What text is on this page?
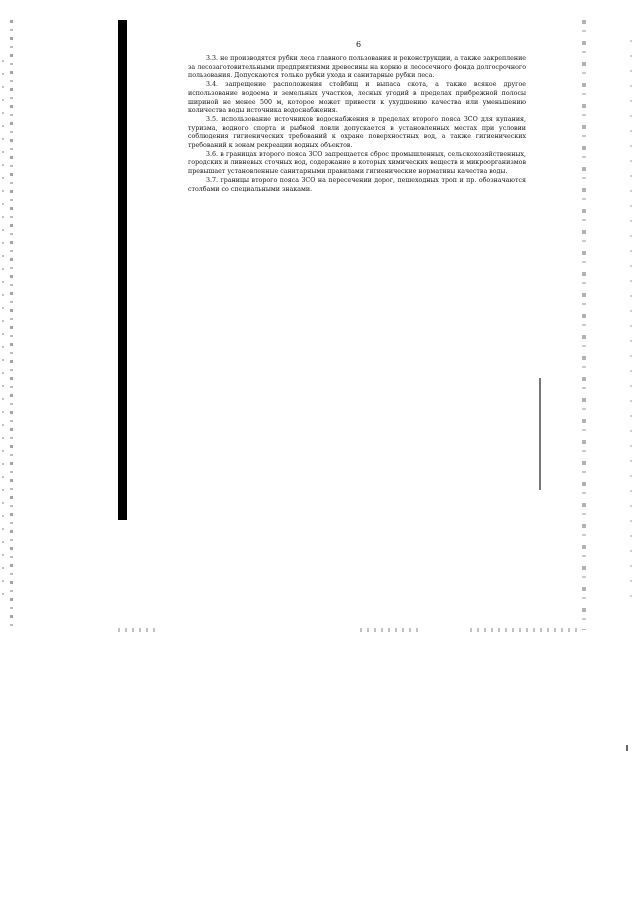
6

3.3. не производятся рубки леса главного пользования и реконструкции, а также закрепление за лесозаготовительными предприятиями древесины на корню и лесосечного фонда долгосрочного пользования. Допускаются только рубки ухода и санитарные рубки леса.

3.4. запрещение расположения стойбищ и выпаса скота, а также всякое другое использование водоема и земельных участков, лесных угодий в пределах прибрежной полосы шириной не менее 500 м, которое может привести к ухудшению качества или уменьшению количества воды источника водоснабжения.

3.5. использование источников водоснабжения в пределах второго пояса ЗСО для купания, туризма, водного спорта и рыбной ловли допускается в установленных местах при условии соблюдения гигиенических требований к охране поверхностных вод, а также гигиенических требований к зонам рекреации водных объектов.

3.6. в границах второго пояса ЗСО запрещается сброс промышленных, сельскохозяйственных, городских и ливневых сточных вод, содержание в которых химических веществ и микроорганизмов превышает установленные санитарными правилами гигиенические нормативы качества воды.

3.7. границы второго пояса ЗСО на пересечении дорог, пешеходных троп и пр. обозначаются столбами со специальными знаками.
